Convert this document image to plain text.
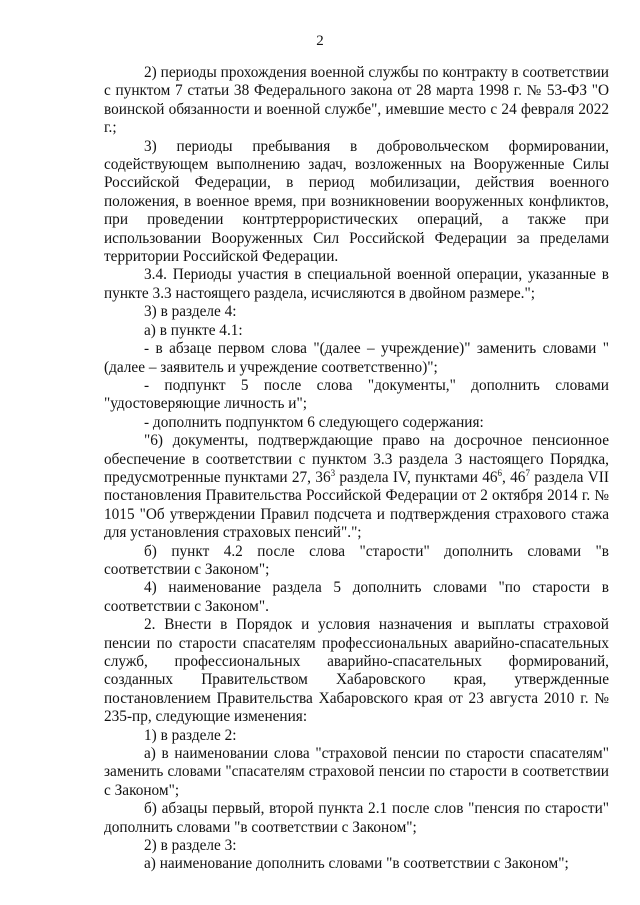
2

2) периоды прохождения военной службы по контракту в соответствии с пунктом 7 статьи 38 Федерального закона от 28 марта 1998 г. № 53-ФЗ "О воинской обязанности и военной службе", имевшие место с 24 февраля 2022 г.;

3) периоды пребывания в добровольческом формировании, содействующем выполнению задач, возложенных на Вооруженные Силы Российской Федерации, в период мобилизации, действия военного положения, в военное время, при возникновении вооруженных конфликтов, при проведении контртеррористических операций, а также при использовании Вооруженных Сил Российской Федерации за пределами территории Российской Федерации.

3.4. Периоды участия в специальной военной операции, указанные в пункте 3.3 настоящего раздела, исчисляются в двойном размере.";

3) в разделе 4:

а) в пункте 4.1:

- в абзаце первом слова "(далее – учреждение)" заменить словами "(далее – заявитель и учреждение соответственно)";

- подпункт 5 после слова "документы," дополнить словами "удостоверяющие личность и";

- дополнить подпунктом 6 следующего содержания:

"6) документы, подтверждающие право на досрочное пенсионное обеспечение в соответствии с пунктом 3.3 раздела 3 настоящего Порядка, предусмотренные пунктами 27, $36^3$ раздела IV, пунктами $46^6$, $46^7$ раздела VII постановления Правительства Российской Федерации от 2 октября 2014 г. № 1015 "Об утверждении Правил подсчета и подтверждения страхового стажа для установления страховых пенсий".";

б) пункт 4.2 после слова "старости" дополнить словами "в соответствии с Законом";

4) наименование раздела 5 дополнить словами "по старости в соответствии с Законом".

2. Внести в Порядок и условия назначения и выплаты страховой пенсии по старости спасателям профессиональных аварийно-спасательных служб, профессиональных аварийно-спасательных формирований, созданных Правительством Хабаровского края, утвержденные постановлением Правительства Хабаровского края от 23 августа 2010 г. № 235-пр, следующие изменения:

1) в разделе 2:

а) в наименовании слова "страховой пенсии по старости спасателям" заменить словами "спасателям страховой пенсии по старости в соответствии с Законом";

б) абзацы первый, второй пункта 2.1 после слов "пенсия по старости" дополнить словами "в соответствии с Законом";

2) в разделе 3:

а) наименование дополнить словами "в соответствии с Законом";
